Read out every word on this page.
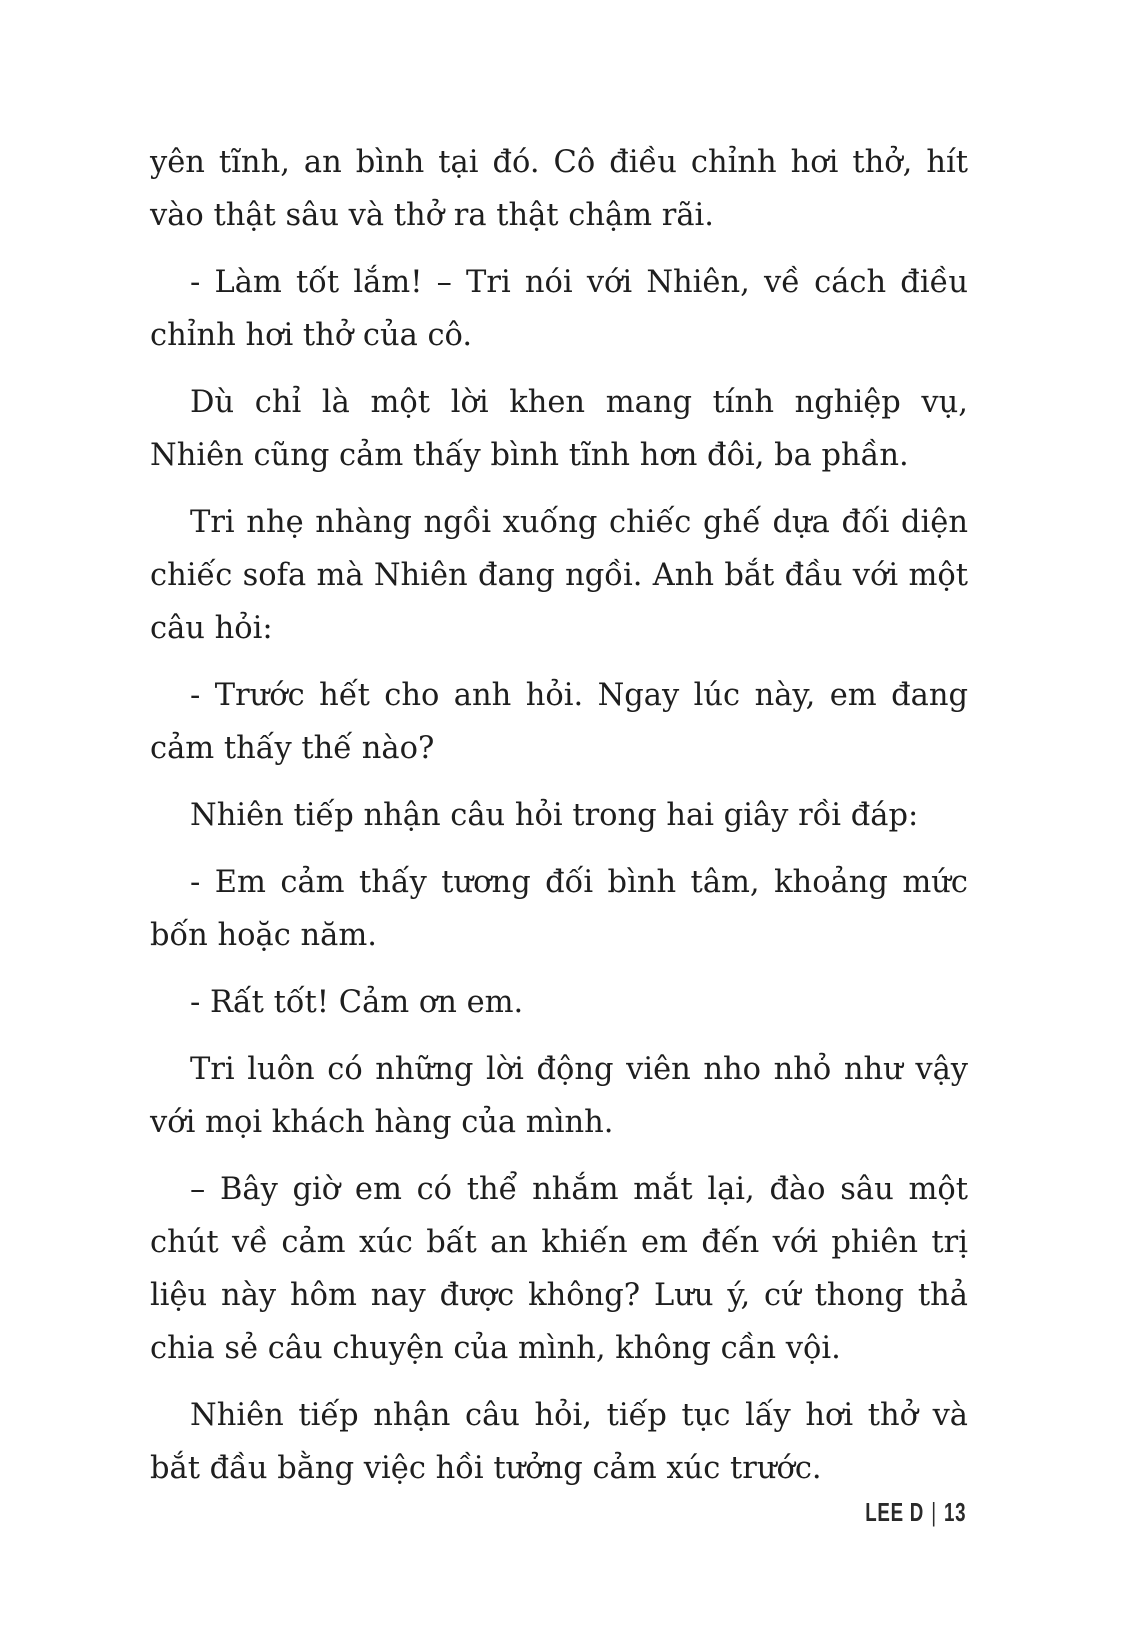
yên tĩnh, an bình tại đó. Cô điều chỉnh hơi thở, hít vào thật sâu và thở ra thật chậm rãi.

- Làm tốt lắm! – Tri nói với Nhiên, về cách điều chỉnh hơi thở của cô.

Dù chỉ là một lời khen mang tính nghiệp vụ, Nhiên cũng cảm thấy bình tĩnh hơn đôi, ba phần.

Tri nhẹ nhàng ngồi xuống chiếc ghế dựa đối diện chiếc sofa mà Nhiên đang ngồi. Anh bắt đầu với một câu hỏi:

- Trước hết cho anh hỏi. Ngay lúc này, em đang cảm thấy thế nào?

Nhiên tiếp nhận câu hỏi trong hai giây rồi đáp:

- Em cảm thấy tương đối bình tâm, khoảng mức bốn hoặc năm.

- Rất tốt! Cảm ơn em.

Tri luôn có những lời động viên nho nhỏ như vậy với mọi khách hàng của mình.

– Bây giờ em có thể nhắm mắt lại, đào sâu một chút về cảm xúc bất an khiến em đến với phiên trị liệu này hôm nay được không? Lưu ý, cứ thong thả chia sẻ câu chuyện của mình, không cần vội.

Nhiên tiếp nhận câu hỏi, tiếp tục lấy hơi thở và bắt đầu bằng việc hồi tưởng cảm xúc trước.

LEE D | 13
